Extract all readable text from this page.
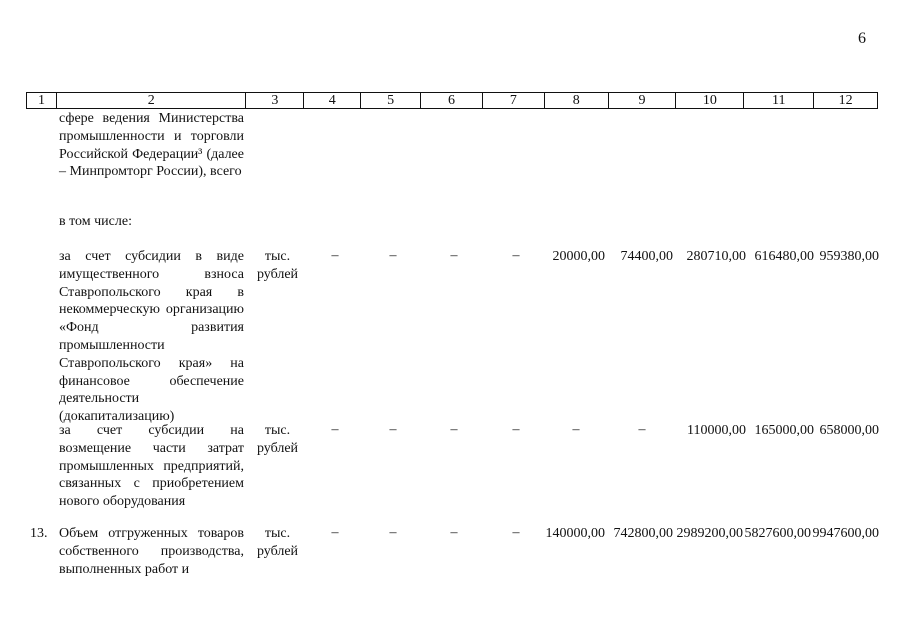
6
1	2	3	4	5	6	7	8	9	10	11	12
сфере ведения Министерства промышленности и торговли Российской Федерации³ (далее – Минпромторг России), всего
в том числе:
за счет субсидии в виде имущественного взноса Ставропольского края в некоммерческую организацию «Фонд развития промышленности Ставропольского края» на финансовое обеспечение деятельности (докапитализацию)
тыс. рублей
–	–	–	–	20000,00 74400,00 280710,00 616480,00 959380,00
за счет субсидии на возмещение части затрат промышленных предприятий, связанных с приобретением нового оборудования
тыс. рублей
–	–	–	–	–	–	110000,00 165000,00 658000,00
13. Объем отгруженных товаров собственного производства, выполненных работ и
тыс. рублей
–	–	–	–	140000,00 742800,00 2989200,00 5827600,00 9947600,00
